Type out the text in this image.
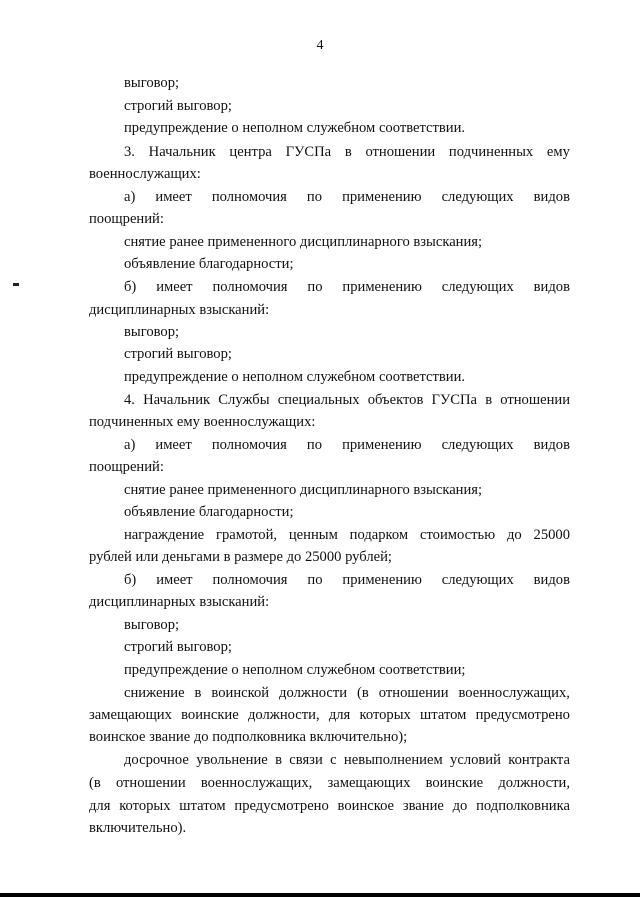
4
выговор;
строгий выговор;
предупреждение о неполном служебном соответствии.
3. Начальник центра ГУСПа в отношении подчиненных ему
военнослужащих:
а) имеет полномочия по применению следующих видов
поощрений:
снятие ранее примененного дисциплинарного взыскания;
объявление благодарности;
б) имеет полномочия по применению следующих видов
дисциплинарных взысканий:
выговор;
строгий выговор;
предупреждение о неполном служебном соответствии.
4. Начальник Службы специальных объектов ГУСПа в отношении
подчиненных ему военнослужащих:
а) имеет полномочия по применению следующих видов
поощрений:
снятие ранее примененного дисциплинарного взыскания;
объявление благодарности;
награждение грамотой, ценным подарком стоимостью до 25000
рублей или деньгами в размере до 25000 рублей;
б) имеет полномочия по применению следующих видов
дисциплинарных взысканий:
выговор;
строгий выговор;
предупреждение о неполном служебном соответствии;
снижение в воинской должности (в отношении военнослужащих,
замещающих воинские должности, для которых штатом предусмотрено
воинское звание до подполковника включительно);
досрочное увольнение в связи с невыполнением условий контракта
(в отношении военнослужащих, замещающих воинские должности,
для которых штатом предусмотрено воинское звание до подполковника
включительно).
